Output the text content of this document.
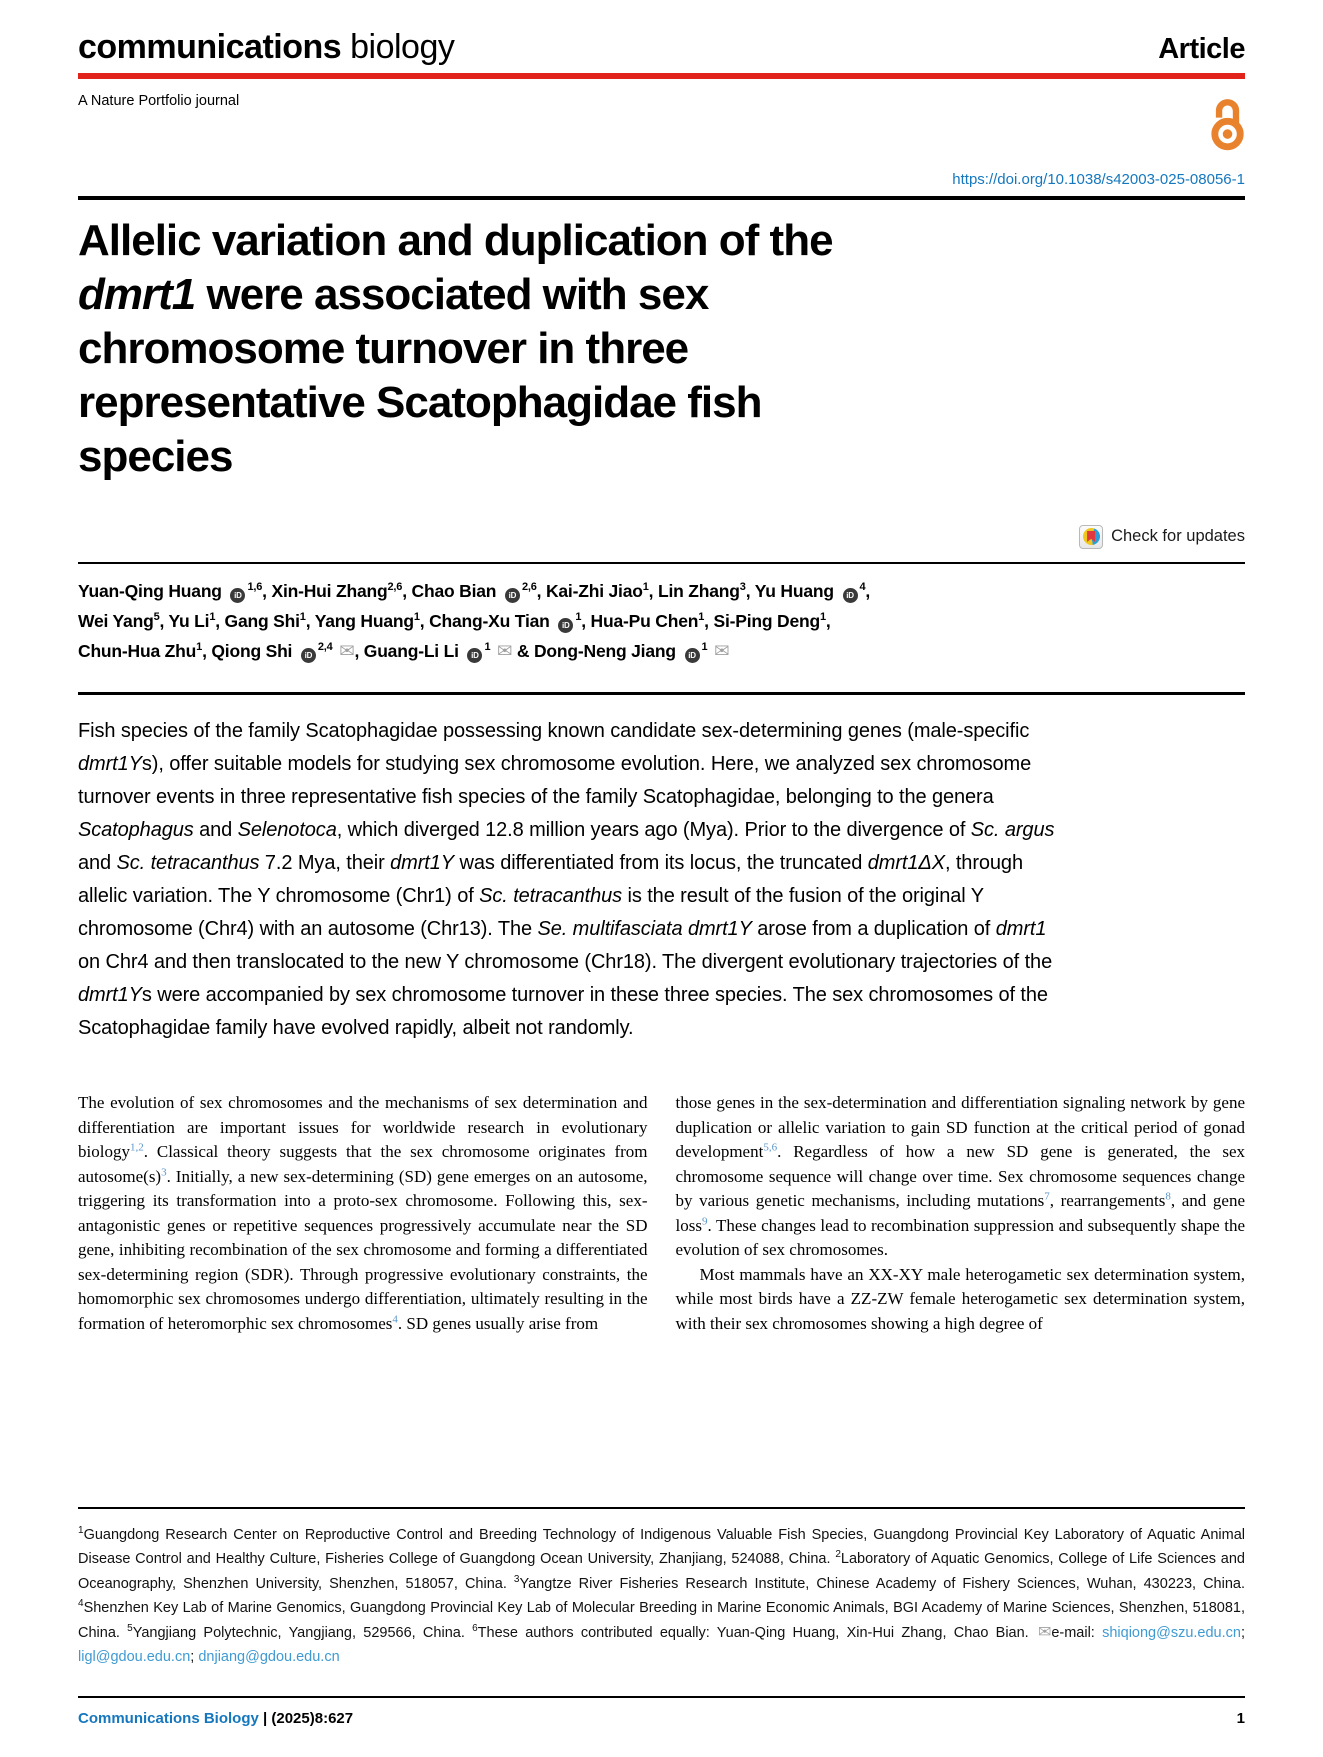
communications biology	Article
A Nature Portfolio journal
https://doi.org/10.1038/s42003-025-08056-1
Allelic variation and duplication of the
dmrt1 were associated with sex
chromosome turnover in three
representative Scatophagidae fish
species
Check for updates
Yuan-Qing Huang iD$^{1,6}$, Xin-Hui Zhang$^{2,6}$, Chao Bian iD$^{2,6}$, Kai-Zhi Jiao$^1$, Lin Zhang$^3$, Yu Huang $iD^4$,
Wei Yang$^5$, Yu Li$^1$, Gang Shi$^1$, Yang Huang$^1$, Chang-Xu Tian $iD^1$, Hua-Pu Chen$^1$, Si-Ping Deng$^1$,
Chun-Hua Zhu$^1$, Qiong Shi iD$^{2,4}$ ✉, Guang-Li Li $iD^1$ ✉ & Dong-Neng Jiang $iD^1$ ✉

Fish species of the family Scatophagidae possessing known candidate sex-determining genes (male-specific dmrt1Ys), offer suitable models for studying sex chromosome evolution. Here, we analyzed sex chromosome turnover events in three representative fish species of the family Scatophagidae, belonging to the genera Scatophagus and Selenotoca, which diverged 12.8 million years ago (Mya). Prior to the divergence of Sc. argus and Sc. tetracanthus 7.2 Mya, their dmrt1Y was differentiated from its locus, the truncated dmrt1ΔX, through allelic variation. The Y chromosome (Chr1) of Sc. tetracanthus is the result of the fusion of the original Y chromosome (Chr4) with an autosome (Chr13). The Se. multifasciata dmrt1Y arose from a duplication of dmrt1 on Chr4 and then translocated to the new Y chromosome (Chr18). The divergent evolutionary trajectories of the dmrt1Ys were accompanied by sex chromosome turnover in these three species. The sex chromosomes of the Scatophagidae family have evolved rapidly, albeit not randomly.

The evolution of sex chromosomes and the mechanisms of sex determination and differentiation are important issues for worldwide research in evolutionary biology$^{1,2}$. Classical theory suggests that the sex chromosome originates from $autosome(s)^3$. Initially, a new sex-determining (SD) gene emerges on an autosome, triggering its transformation into a proto-sex chromosome. Following this, sex-antagonistic genes or repetitive sequences progressively accumulate near the SD gene, inhibiting recombination of the sex chromosome and forming a differentiated sex-determining region (SDR). Through progressive evolutionary constraints, the homomorphic sex chromosomes undergo differentiation, ultimately resulting in the formation of heteromorphic sex chromosomes$^4$. SD genes usually arise from

those genes in the sex-determination and differentiation signaling network by gene duplication or allelic variation to gain SD function at the critical period of gonad development$^{5,6}$. Regardless of how a new SD gene is generated, the sex chromosome sequence will change over time. Sex chromosome sequences change by various genetic mechanisms, including mutations$^7$, rearrangements$^8$, and gene loss$^9$. These changes lead to recombination suppression and subsequently shape the evolution of sex chromosomes.

Most mammals have an XX-XY male heterogametic sex determination system, while most birds have a ZZ-ZW female heterogametic sex determination system, with their sex chromosomes showing a high degree of

$^1$Guangdong Research Center on Reproductive Control and Breeding Technology of Indigenous Valuable Fish Species, Guangdong Provincial Key Laboratory of Aquatic Animal Disease Control and Healthy Culture, Fisheries College of Guangdong Ocean University, Zhanjiang, 524088, China. $^2$Laboratory of Aquatic Genomics, College of Life Sciences and Oceanography, Shenzhen University, Shenzhen, 518057, China. $^3$Yangtze River Fisheries Research Institute, Chinese Academy of Fishery Sciences, Wuhan, 430223, China. $^4$Shenzhen Key Lab of Marine Genomics, Guangdong Provincial Key Lab of Molecular Breeding in Marine Economic Animals, BGI Academy of Marine Sciences, Shenzhen, 518081, China. $^5$Yangjiang Polytechnic, Yangjiang, 529566, China. $^6$These authors contributed equally: Yuan-Qing Huang, Xin-Hui Zhang, Chao Bian. ✉e-mail: shiqiong@szu.edu.cn; ligl@gdou.edu.cn; dnjiang@gdou.edu.cn

Communications Biology | (2025)8:627	1
